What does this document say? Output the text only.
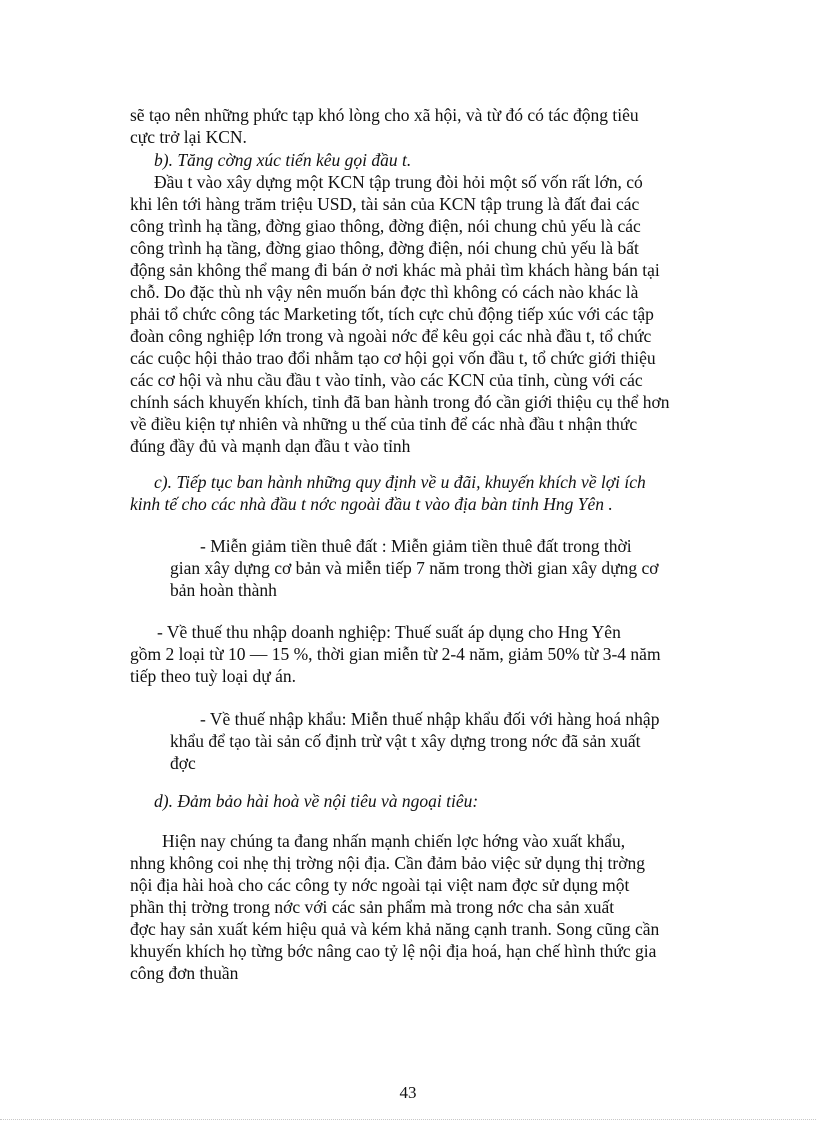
sẽ tạo nên những phức tạp khó lòng cho xã hội, và từ đó có tác động tiêu

cực trở lại KCN.

b). Tăng cờng xúc tiến kêu gọi đầu t.

Đầu t vào xây dựng một KCN tập trung đòi hỏi một số vốn rất lớn, có

khi lên tới hàng trăm triệu USD, tài sản của KCN tập trung là đất đai các

công trình hạ tầng, đờng giao thông, đờng điện, nói chung chủ yếu là các

công trình hạ tầng, đờng giao thông, đờng điện, nói chung chủ yếu là bất

động sản không thể mang đi bán ở nơi khác mà phải tìm khách hàng bán tại

chỗ. Do đặc thù nh vậy nên muốn bán đợc thì không có cách nào khác là

phải tổ chức công tác Marketing tốt, tích cực chủ động tiếp xúc với các tập

đoàn công nghiệp lớn trong và ngoài nớc để kêu gọi các nhà đầu t, tổ chức

các cuộc hội thảo trao đổi nhằm tạo cơ hội gọi vốn đầu t, tổ chức giới thiệu

các cơ hội và nhu cầu đầu t vào tỉnh, vào các KCN của tỉnh, cùng với các

chính sách khuyến khích, tỉnh đã ban hành trong đó cần giới thiệu cụ thể hơn

về điều kiện tự nhiên và những u thế của tỉnh để các nhà đầu t nhận thức

đúng đầy đủ và mạnh dạn đầu t vào tỉnh

c). Tiếp tục ban hành những quy định về u đãi, khuyến khích về lợi ích

kinh tế cho các nhà đầu t nớc ngoài đầu t vào địa bàn tỉnh Hng Yên .

- Miễn giảm tiền thuê đất : Miễn giảm tiền thuê đất trong thời

gian xây dựng cơ bản và miễn tiếp 7 năm trong thời gian xây dựng cơ

bản hoàn thành

- Về thuế thu nhập doanh nghiệp: Thuế suất áp dụng cho Hng Yên

gồm 2 loại từ 10 — 15 %, thời gian miễn từ 2-4 năm, giảm 50% từ 3-4 năm

tiếp theo tuỳ loại dự án.

- Về thuế nhập khẩu: Miễn thuế nhập khẩu đối với hàng hoá nhập

khẩu để tạo tài sản cố định trừ vật t xây dựng trong nớc đã sản xuất

đợc

d). Đảm bảo hài hoà về nội tiêu và ngoại tiêu:

Hiện nay chúng ta đang nhấn mạnh chiến lợc hớng vào xuất khẩu,

nhng không coi nhẹ thị trờng nội địa. Cần đảm bảo việc sử dụng thị trờng

nội địa hài hoà cho các công ty nớc ngoài tại việt nam đợc sử dụng một

phần thị trờng trong nớc với các sản phẩm mà trong nớc cha sản xuất

đợc hay sản xuất kém hiệu quả và kém khả năng cạnh tranh. Song cũng cần

khuyến khích họ từng bớc nâng cao tỷ lệ nội địa hoá, hạn chế hình thức gia

công đơn thuần

43
